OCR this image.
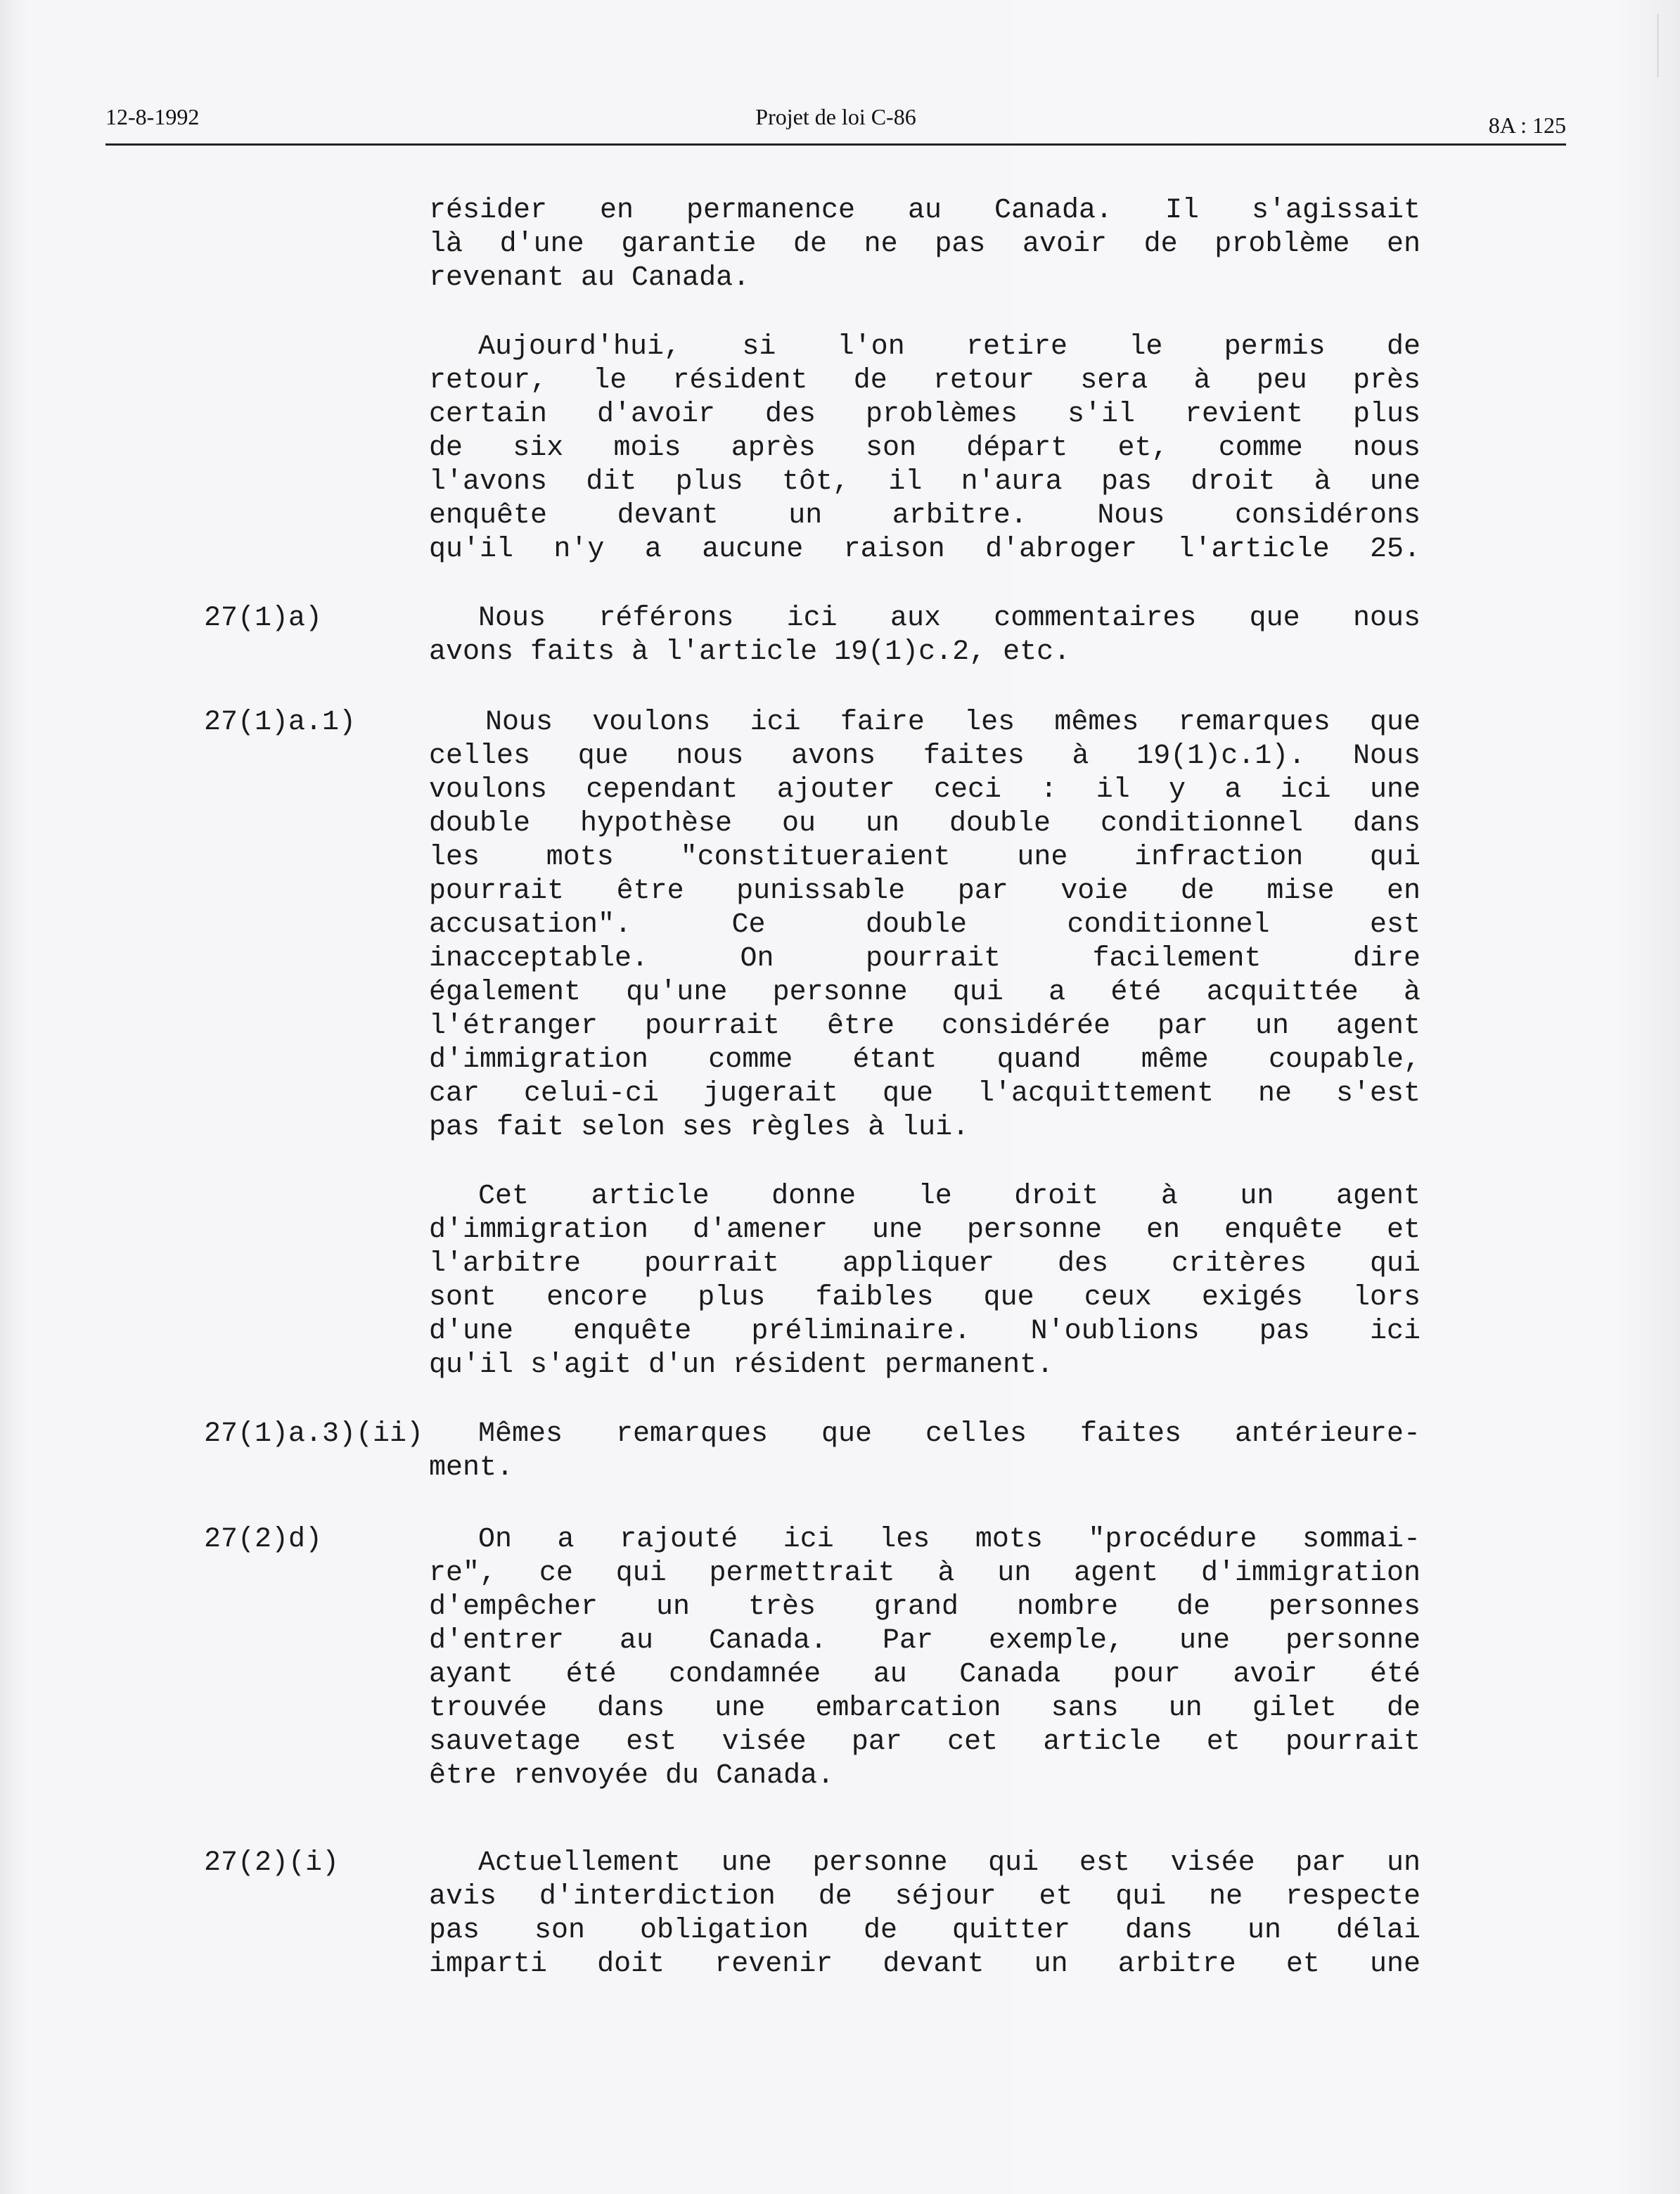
12-8-1992	Projet de loi C-86	8A : 125
résider en permanence au Canada. Il s'agissait
là d'une garantie de ne pas avoir de problème en
revenant au Canada.
Aujourd'hui, si l'on retire le permis de
retour, le résident de retour sera à peu près
certain d'avoir des problèmes s'il revient plus
de six mois après son départ et, comme nous
l'avons dit plus tôt, il n'aura pas droit à une
enquête devant un arbitre. Nous considérons
qu'il n'y a aucune raison d'abroger l'article 25.
27(1)a)	Nous référons ici aux commentaires que nous
avons faits à l'article 19(1)c.2, etc.
27(1)a.1)	Nous voulons ici faire les mêmes remarques que
celles que nous avons faites à 19(1)c.1). Nous
voulons cependant ajouter ceci : il y a ici une
double hypothèse ou un double conditionnel dans
les mots "constitueraient une infraction qui
pourrait être punissable par voie de mise en
accusation". Ce double conditionnel est
inacceptable. On pourrait facilement dire
également qu'une personne qui a été acquittée à
l'étranger pourrait être considérée par un agent
d'immigration comme étant quand même coupable,
car celui-ci jugerait que l'acquittement ne s'est
pas fait selon ses règles à lui.
Cet article donne le droit à un agent
d'immigration d'amener une personne en enquête et
l'arbitre pourrait appliquer des critères qui
sont encore plus faibles que ceux exigés lors
d'une enquête préliminaire. N'oublions pas ici
qu'il s'agit d'un résident permanent.
27(1)a.3)(ii) Mêmes remarques que celles faites antérieure-
ment.
27(2)d)	On a rajouté ici les mots "procédure sommai-
re", ce qui permettrait à un agent d'immigration
d'empêcher un très grand nombre de personnes
d'entrer au Canada. Par exemple, une personne
ayant été condamnée au Canada pour avoir été
trouvée dans une embarcation sans un gilet de
sauvetage est visée par cet article et pourrait
être renvoyée du Canada.
27(2)(i)	Actuellement une personne qui est visée par un
avis d'interdiction de séjour et qui ne respecte
pas son obligation de quitter dans un délai
imparti doit revenir devant un arbitre et une
